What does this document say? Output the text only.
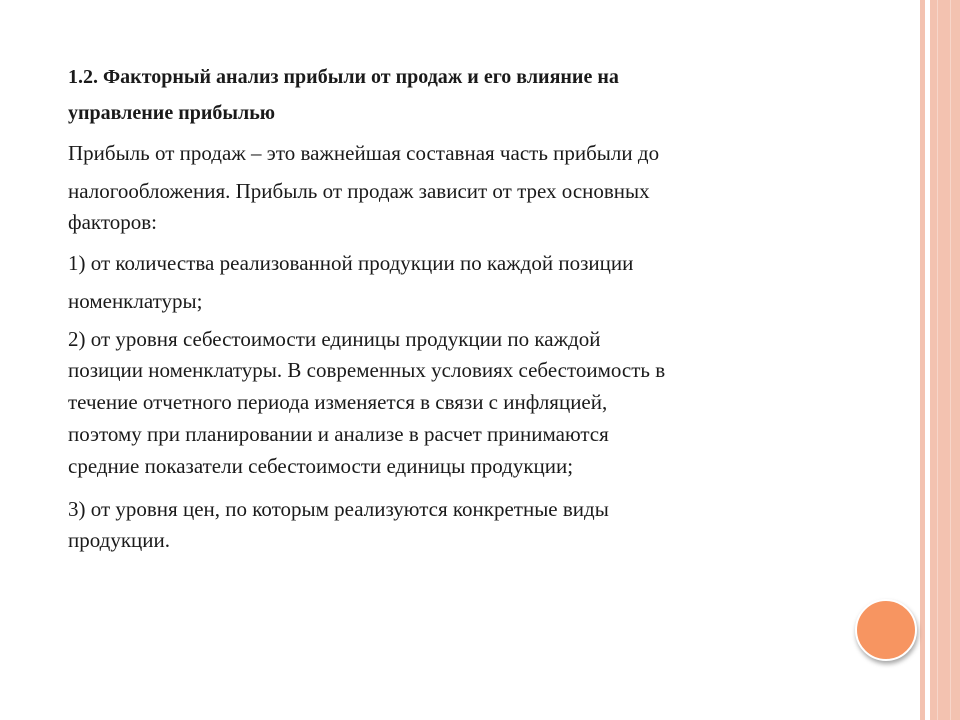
1.2. Факторный анализ прибыли от продаж и его влияние на
управление прибылью
Прибыль от продаж – это важнейшая составная часть прибыли до
налогообложения. Прибыль от продаж зависит от трех основных
факторов:
1) от количества реализованной продукции по каждой позиции
номенклатуры;
2) от уровня себестоимости единицы продукции по каждой
позиции номенклатуры. В современных условиях себестоимость в
течение отчетного периода изменяется в связи с инфляцией,
поэтому при планировании и анализе в расчет принимаются
средние показатели себестоимости единицы продукции;
3) от уровня цен, по которым реализуются конкретные виды
продукции.
